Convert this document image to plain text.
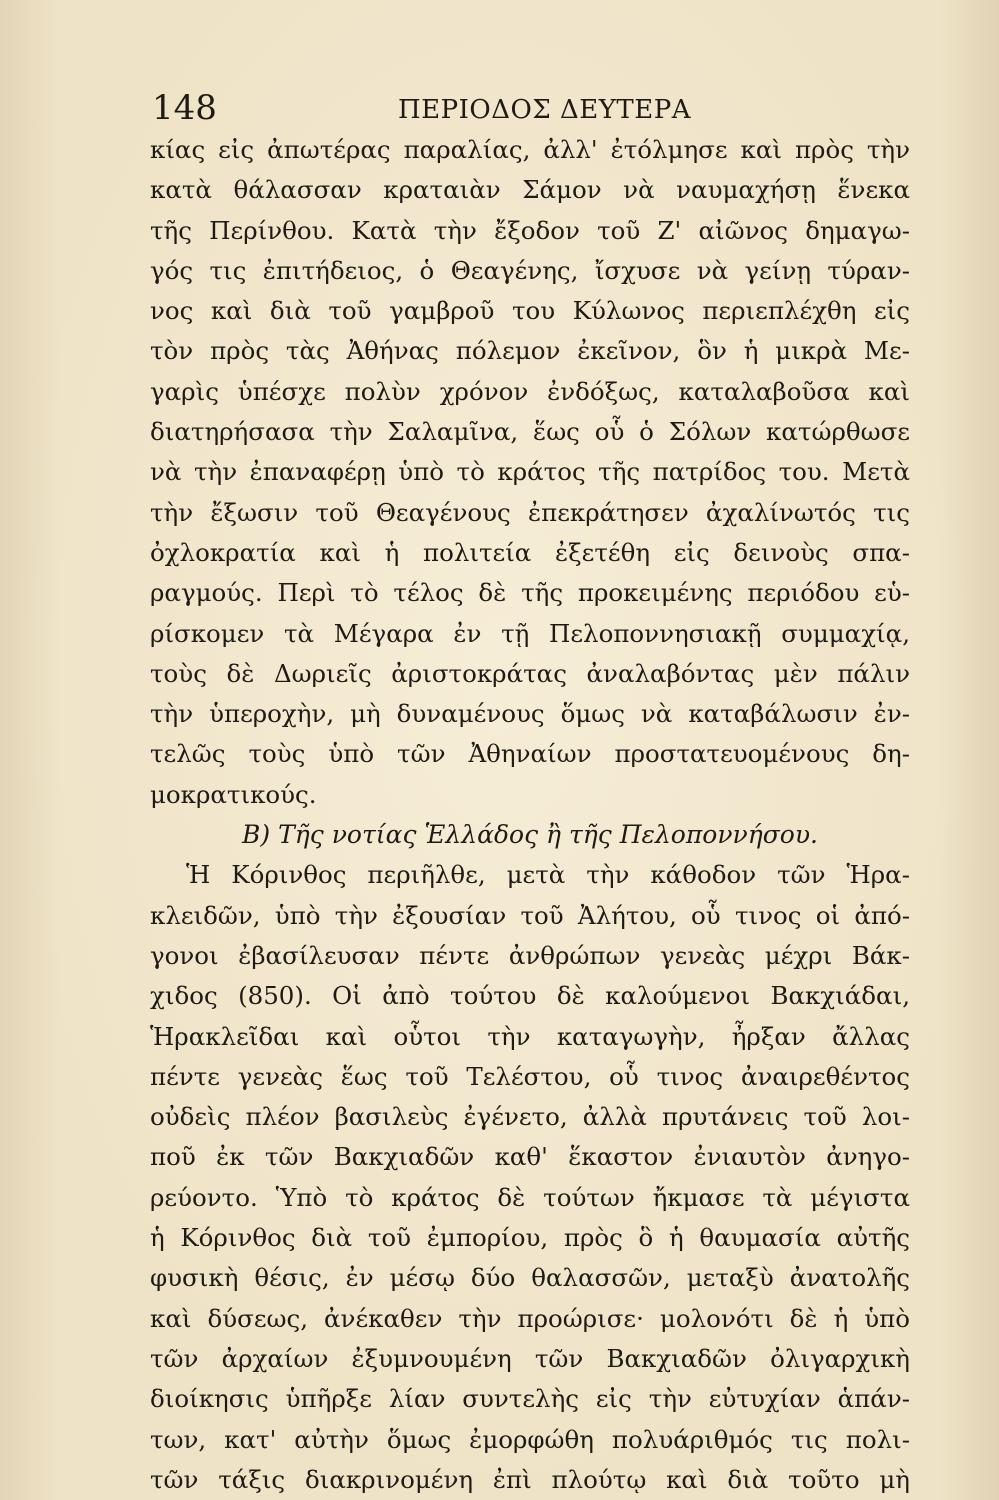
148	ΠΕΡΙΟΔΟΣ ΔΕΥΤΕΡΑ
κίας εἰς ἀπωτέρας παραλίας, ἀλλ' ἐτόλμησε καὶ πρὸς τὴν
κατὰ θάλασσαν κραταιὰν Σάμον νὰ ναυμαχήσῃ ἕνεκα
τῆς Περίνθου. Κατὰ τὴν ἔξοδον τοῦ Ζ' αἰῶνος δημαγω-
γός τις ἐπιτήδειος, ὁ Θεαγένης, ἴσχυσε νὰ γείνῃ τύραν-
νος καὶ διὰ τοῦ γαμβροῦ του Κύλωνος περιεπλέχθη εἰς
τὸν πρὸς τὰς Ἀθήνας πόλεμον ἐκεῖνον, ὃν ἡ μικρὰ Με-
γαρὶς ὑπέσχε πολὺν χρόνον ἐνδόξως, καταλαβοῦσα καὶ
διατηρήσασα τὴν Σαλαμῖνα, ἕως οὗ ὁ Σόλων κατώρθωσε
νὰ τὴν ἐπαναφέρῃ ὑπὸ τὸ κράτος τῆς πατρίδος του. Μετὰ
τὴν ἔξωσιν τοῦ Θεαγένους ἐπεκράτησεν ἀχαλίνωτός τις
ὀχλοκρατία καὶ ἡ πολιτεία ἐξετέθη εἰς δεινοὺς σπα-
ραγμούς. Περὶ τὸ τέλος δὲ τῆς προκειμένης περιόδου εὑ-
ρίσκομεν τὰ Μέγαρα ἐν τῇ Πελοποννησιακῇ συμμαχίᾳ,
τοὺς δὲ Δωριεῖς ἀριστοκράτας ἀναλαβόντας μὲν πάλιν
τὴν ὑπεροχὴν, μὴ δυναμένους ὅμως νὰ καταβάλωσιν ἐν-
τελῶς τοὺς ὑπὸ τῶν Ἀθηναίων προστατευομένους δη-
μοκρατικούς.
Β) Τῆς νοτίας Ἑλλάδος ἢ τῆς Πελοποννήσου.
Ἡ Κόρινθος περιῆλθε, μετὰ τὴν κάθοδον τῶν Ἡρα-
κλειδῶν, ὑπὸ τὴν ἐξουσίαν τοῦ Ἀλήτου, οὗ τινος οἱ ἀπό-
γονοι ἐβασίλευσαν πέντε ἀνθρώπων γενεὰς μέχρι Βάκ-
χιδος (850). Οἱ ἀπὸ τούτου δὲ καλούμενοι Βακχιάδαι,
Ἡρακλεῖδαι καὶ οὗτοι τὴν καταγωγὴν, ἦρξαν ἄλλας
πέντε γενεὰς ἕως τοῦ Τελέστου, οὗ τινος ἀναιρεθέντος
οὐδεὶς πλέον βασιλεὺς ἐγένετο, ἀλλὰ πρυτάνεις τοῦ λοι-
ποῦ ἐκ τῶν Βακχιαδῶν καθ' ἕκαστον ἐνιαυτὸν ἀνηγο-
ρεύοντο. Ὑπὸ τὸ κράτος δὲ τούτων ἤκμασε τὰ μέγιστα
ἡ Κόρινθος διὰ τοῦ ἐμπορίου, πρὸς ὃ ἡ θαυμασία αὐτῆς
φυσικὴ θέσις, ἐν μέσῳ δύο θαλασσῶν, μεταξὺ ἀνατολῆς
καὶ δύσεως, ἀνέκαθεν τὴν προώρισε· μολονότι δὲ ἡ ὑπὸ
τῶν ἀρχαίων ἐξυμνουμένη τῶν Βακχιαδῶν ὀλιγαρχικὴ
διοίκησις ὑπῆρξε λίαν συντελὴς εἰς τὴν εὐτυχίαν ἁπάν-
των, κατ' αὐτὴν ὅμως ἐμορφώθη πολυάριθμός τις πολι-
τῶν τάξις διακρινομένη ἐπὶ πλούτῳ καὶ διὰ τοῦτο μὴ
